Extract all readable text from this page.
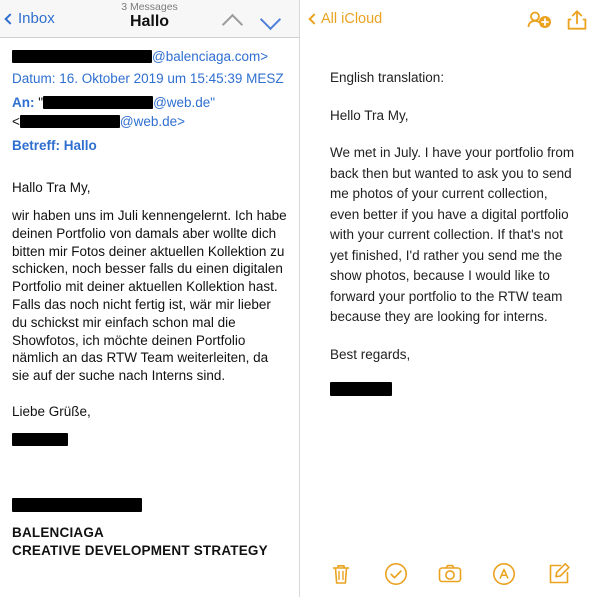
Inbox
3 Messages
Hallo
@balenciaga.com>
Datum: 16. Oktober 2019 um 15:45:39 MESZ
An: "	@web.de"
<	@web.de>
Betreff: Hallo

Hallo Tra My,

wir haben uns im Juli kennengelernt. Ich habe deinen Portfolio von damals aber wollte dich bitten mir Fotos deiner aktuellen Kollektion zu schicken, noch besser falls du einen digitalen Portfolio mit deiner aktuellen Kollektion hast. Falls das noch nicht fertig ist, wär mir lieber du schickst mir einfach schon mal die Showfotos, ich möchte deinen Portfolio nämlich an das RTW Team weiterleiten, da sie auf der suche nach Interns sind.

Liebe Grüße,

BALENCIAGA
CREATIVE DEVELOPMENT STRATEGY
All iCloud

English translation:

Hello Tra My,

We met in July. I have your portfolio from back then but wanted to ask you to send me photos of your current collection, even better if you have a digital portfolio with your current collection. If that's not yet finished, I'd rather you send me the show photos, because I would like to forward your portfolio to the RTW team because they are looking for interns.

Best regards,
